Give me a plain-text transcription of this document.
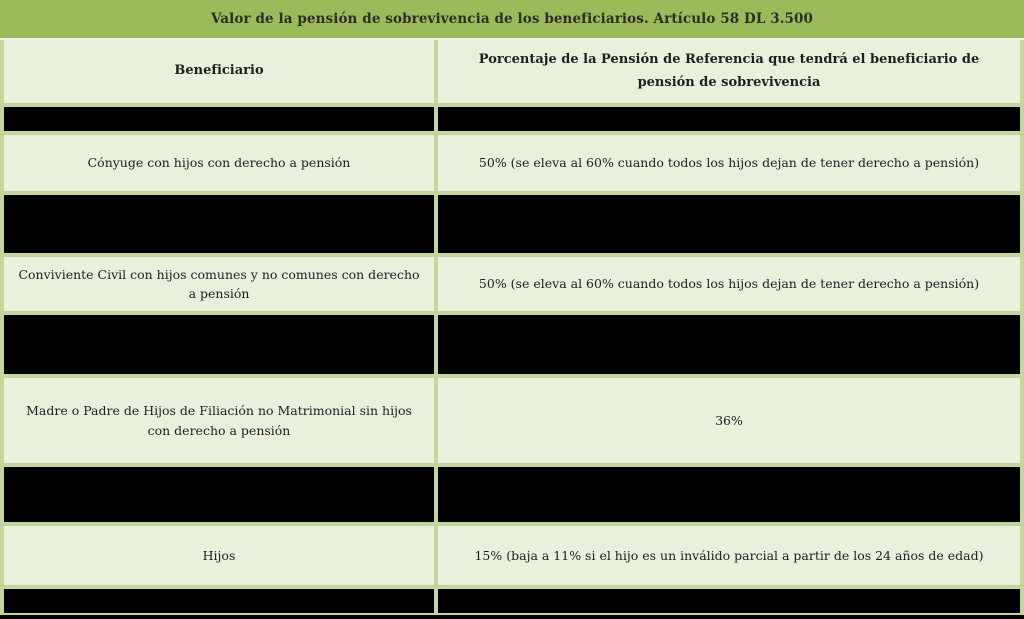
Valor de la pensión de sobrevivencia de los beneficiarios. Artículo 58 DL 3.500
Beneficiario
Porcentaje de la Pensión de Referencia que tendrá el beneficiario de pensión de sobrevivencia
Cónyuge con hijos con derecho a pensión	50% (se eleva al 60% cuando todos los hijos dejan de tener derecho a pensión)
Conviviente Civil con hijos comunes y no comunes con derecho a pensión
50% (se eleva al 60% cuando todos los hijos dejan de tener derecho a pensión)
Madre o Padre de Hijos de Filiación no Matrimonial sin hijos con derecho a pensión
36%
Hijos	15% (baja a 11% si el hijo es un inválido parcial a partir de los 24 años de edad)
